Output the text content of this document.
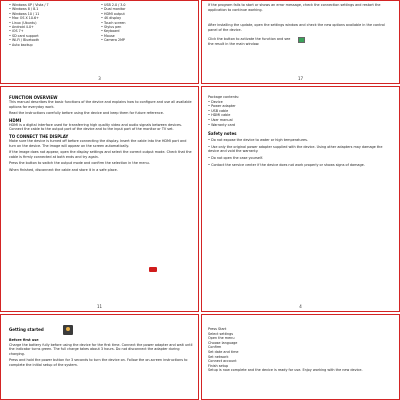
• Windows XP / Vista / 7
• Windows 8 / 8.1
• Windows 10 / 11
• Mac OS X 10.6+
• Linux (Ubuntu)
• Android 4.0+
• iOS 7+
• SD card support
• Wi-Fi / Bluetooth
• Auto backup
• USB 2.0 / 3.0
• Dual monitor
• HDMI output
• 4K display
• Touch screen
• Stylus pen
• Keyboard
• Mouse
• Camera 2MP
3
If the program fails to start or shows an error message, check the connection settings and restart the application to continue working.
After installing the update, open the settings window and check the new options available in the control panel of the device.
Click the button to activate the function and see the result in the main window.
17
FUNCTION OVERVIEW
This manual describes the basic functions of the device and explains how to configure and use all available options for everyday work.
Read the instructions carefully before using the device and keep them for future reference.
HDMI
HDMI is a digital interface used for transferring high quality video and audio signals between devices. Connect the cable to the output port of the device and to the input port of the monitor or TV set.
TO CONNECT THE DISPLAY
Make sure the device is turned off before connecting the display. Insert the cable into the HDMI port and turn on the device. The image will appear on the screen automatically.
If the image does not appear, open the display settings and select the correct output mode. Check that the cable is firmly connected at both ends and try again.
Press the button to switch the output mode and confirm the selection in the menu.
When finished, disconnect the cable and store it in a safe place.
11
Package contents:
• Device
• Power adapter
• USB cable
• HDMI cable
• User manual
• Warranty card
Safety notes
• Do not expose the device to water or high temperatures.
• Use only the original power adapter supplied with the device. Using other adapters may damage the device and void the warranty.
• Do not open the case yourself.
• Contact the service center if the device does not work properly or shows signs of damage.
4
Getting started
Before first use
Charge the battery fully before using the device for the first time. Connect the power adapter and wait until the indicator turns green. The full charge takes about 3 hours. Do not disconnect the adapter during charging.
Press and hold the power button for 3 seconds to turn the device on. Follow the on-screen instructions to complete the initial setup of the system.
Press Start
Select settings
Open the menu
Choose language
Confirm
Set date and time
Set network
Connect account
Finish setup
Setup is now complete and the device is ready for use. Enjoy working with the new device.
